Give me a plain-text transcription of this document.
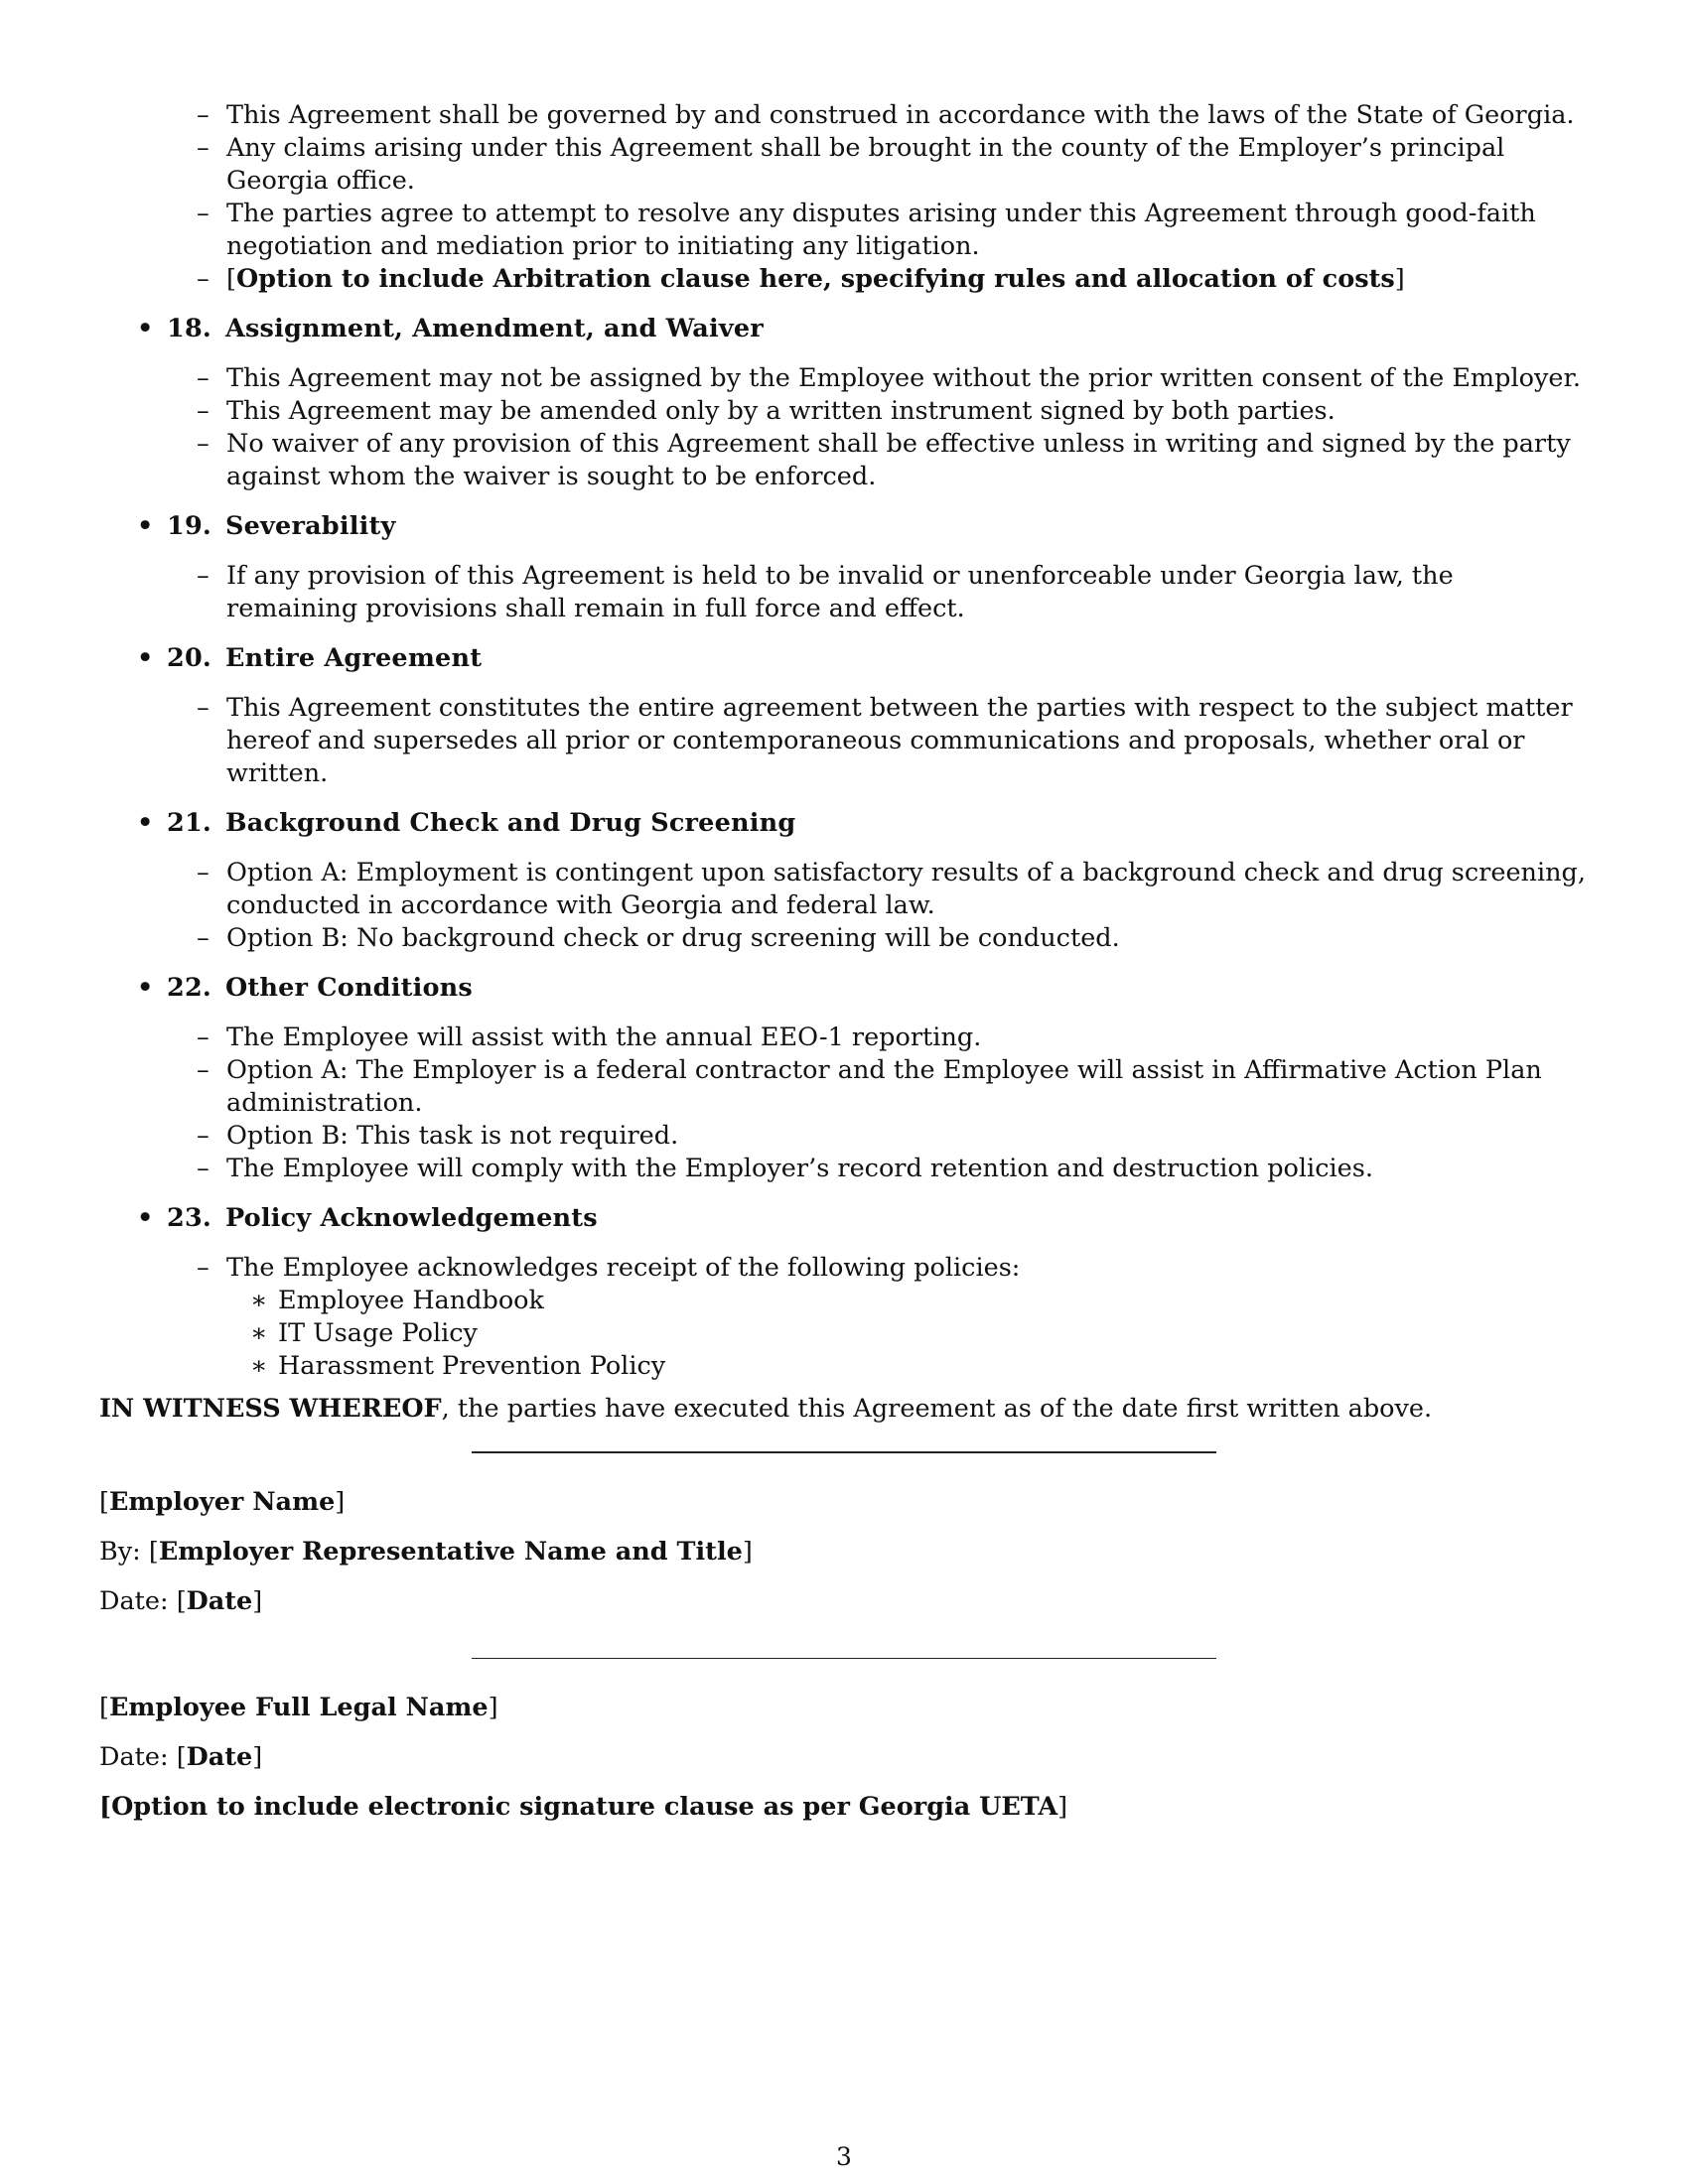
– This Agreement shall be governed by and construed in accordance with the laws of the State of Georgia.
– Any claims arising under this Agreement shall be brought in the county of the Employer’s principal Georgia office.
– The parties agree to attempt to resolve any disputes arising under this Agreement through good-faith negotiation and mediation prior to initiating any litigation.
– [Option to include Arbitration clause here, specifying rules and allocation of costs]
• 18. Assignment, Amendment, and Waiver
– This Agreement may not be assigned by the Employee without the prior written consent of the Employer.
– This Agreement may be amended only by a written instrument signed by both parties.
– No waiver of any provision of this Agreement shall be effective unless in writing and signed by the party against whom the waiver is sought to be enforced.
• 19. Severability
– If any provision of this Agreement is held to be invalid or unenforceable under Georgia law, the remaining provisions shall remain in full force and effect.
• 20. Entire Agreement
– This Agreement constitutes the entire agreement between the parties with respect to the subject matter hereof and supersedes all prior or contemporaneous communications and proposals, whether oral or written.
• 21. Background Check and Drug Screening
– Option A: Employment is contingent upon satisfactory results of a background check and drug screening, conducted in accordance with Georgia and federal law.
– Option B: No background check or drug screening will be conducted.
• 22. Other Conditions
– The Employee will assist with the annual EEO-1 reporting.
– Option A: The Employer is a federal contractor and the Employee will assist in Affirmative Action Plan administration.
– Option B: This task is not required.
– The Employee will comply with the Employer’s record retention and destruction policies.
• 23. Policy Acknowledgements
– The Employee acknowledges receipt of the following policies:
∗ Employee Handbook
∗ IT Usage Policy
∗ Harassment Prevention Policy
IN WITNESS WHEREOF, the parties have executed this Agreement as of the date first written above.
[Employer Name]
By: [Employer Representative Name and Title]
Date: [Date]
[Employee Full Legal Name]
Date: [Date]
[Option to include electronic signature clause as per Georgia UETA]
3
